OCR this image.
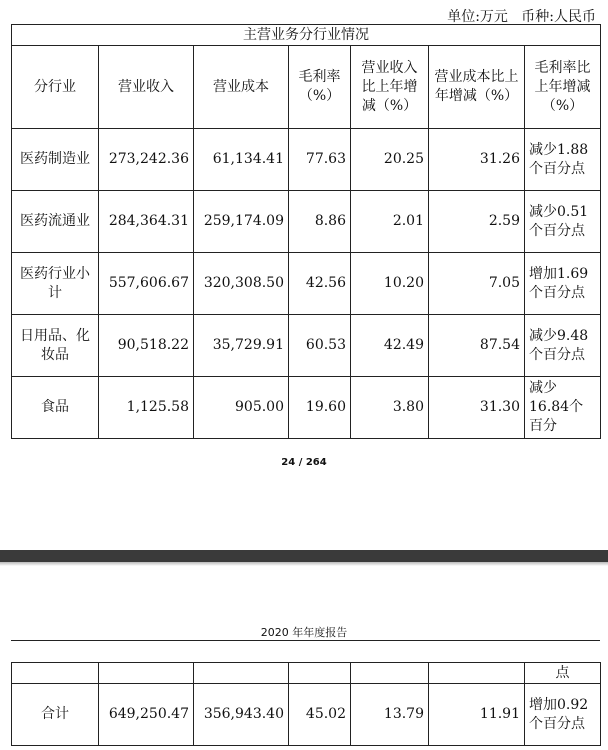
单位:万元   币种:人民币
主营业务分行业情况						
分行业	营业收入	营业成本	毛利率（%）	营业收入比上年增减（%）	营业成本比上年增减（%）	毛利率比上年增减（%）
医药制造业	273,242.36	61,134.41	77.63	20.25	31.26	减少1.88个百分点
医药流通业	284,364.31	259,174.09	8.86	2.01	2.59	减少0.51个百分点
医药行业小计	557,606.67	320,308.50	42.56	10.20	7.05	增加1.69个百分点
日用品、化妆品	90,518.22	35,729.91	60.53	42.49	87.54	减少9.48个百分点
食品	1,125.58	905.00	19.60	3.80	31.30	减少16.84个百分
24 / 264
2020 年年度报告
						点
合计	649,250.47	356,943.40	45.02	13.79	11.91	增加0.92个百分点
